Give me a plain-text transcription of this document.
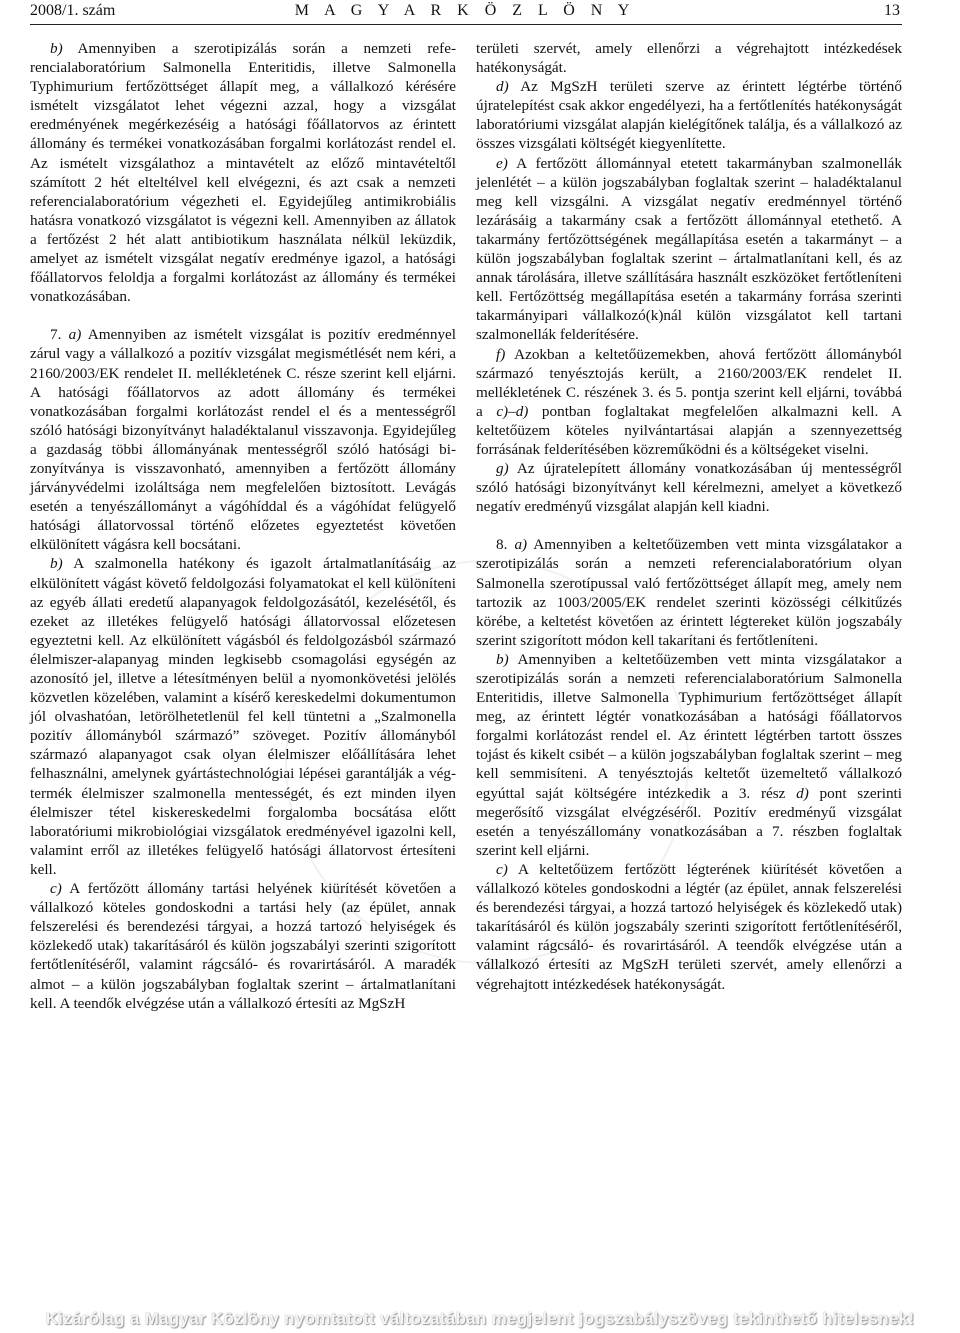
2008/1. szám	M A G Y A R K Ö Z L Ö N Y	13

b) Amennyiben a szerotipizálás során a nemzeti referencialaboratórium Salmonella Enteritidis, illetve Salmonella Typhimurium fertőzöttséget állapít meg, a vállalkozó kérésére ismételt vizsgálatot lehet végezni azzal, hogy a vizsgálat eredményének megérkezéséig a hatósági főállatorvos az érintett állomány és termékei vonatkozásában forgalmi korlátozást rendel el. Az ismételt vizsgálathoz a mintavételt az előző mintavételtől számított 2 hét elteltélvel kell elvégezni, és azt csak a nemzeti referencialaboratórium végezheti el. Egyidejűleg antimikrobiális hatásra vonatkozó vizsgálatot is végezni kell. Amennyiben az állatok a fertőzést 2 hét alatt antibiotikum használata nélkül leküzdik, amelyet az ismételt vizsgálat negatív eredménye igazol, a hatósági főállatorvos feloldja a forgalmi korlátozást az állomány és termékei vonatkozásában.

7. a) Amennyiben az ismételt vizsgálat is pozitív eredménnyel zárul vagy a vállalkozó a pozitív vizsgálat megismétlését nem kéri, a 2160/2003/EK rendelet II. mellékletének C. része szerint kell eljárni. A hatósági főállatorvos az adott állomány és termékei vonatkozásában forgalmi korlátozást rendel el és a mentességről szóló hatósági bizonyítványt haladéktalanul visszavonja. Egyidejűleg a gazdaság többi állományának mentességről szóló hatósági bizonyítványa is visszavonható, amennyiben a fertőzött állomány járványvédelmi izoláltsága nem megfelelően biztosított. Levágás esetén a tenyészállományt a vágóhíddal és a vágóhídat felügyelő hatósági állatorvossal történő előzetes egyeztetést követően elkülönített vágásra kell bocsátani.

b) A szalmonella hatékony és igazolt ártalmatlanításáig az elkülönített vágást követő feldolgozási folyamatokat el kell különíteni az egyéb állati eredetű alapanyagok feldolgozásától, kezelésétől, és ezeket az illetékes felügyelő hatósági állatorvossal előzetesen egyeztetni kell. Az elkülönített vágásból és feldolgozásból származó élelmiszer-alapanyag minden legkisebb csomagolási egységén az azonosító jel, illetve a létesítményen belül a nyomonkövetési jelölés közvetlen közelében, valamint a kísérő kereskedelmi dokumentumon jól olvashatóan, letörölhetetlenül fel kell tüntetni a „Szalmonella pozitív állományból származó” szöveget. Pozitív állományból származó alapanyagot csak olyan élelmiszer előállítására lehet felhasználni, amelynek gyártástechnológiai lépései garantálják a végtermék élelmiszer szalmonella mentességét, és ezt minden ilyen élelmiszer tétel kiskereskedelmi forgalomba bocsátása előtt laboratóriumi mikrobiológiai vizsgálatok eredményével igazolni kell, valamint erről az illetékes felügyelő hatósági állatorvost értesíteni kell.

c) A fertőzött állomány tartási helyének kiürítését követően a vállalkozó köteles gondoskodni a tartási hely (az épület, annak felszerelési és berendezési tárgyai, a hozzá tartozó helyiségek és közlekedő utak) takarításáról és külön jogszabályi szerinti szigorított fertőtlenítéséről, valamint rágcsáló- és rovarirtásáról. A maradék almot – a külön jogszabályban foglaltak szerint – ártalmatlanítani kell. A teendők elvégzése után a vállalkozó értesíti az MgSzH

területi szervét, amely ellenőrzi a végrehajtott intézkedések hatékonyságát.

d) Az MgSzH területi szerve az érintett légtérbe történő újratelepítést csak akkor engedélyezi, ha a fertőtlenítés hatékonyságát laboratóriumi vizsgálat alapján kielégítőnek találja, és a vállalkozó az összes vizsgálati költségét kiegyenlítette.

e) A fertőzött állománnyal etetett takarmányban szalmonellák jelenlétét – a külön jogszabályban foglaltak szerint – haladéktalanul meg kell vizsgálni. A vizsgálat negatív eredménnyel történő lezárásáig a takarmány csak a fertőzött állománnyal etethető. A takarmány fertőzöttségének megállapítása esetén a takarmányt – a külön jogszabályban foglaltak szerint – ártalmatlanítani kell, és az annak tárolására, illetve szállítására használt eszközöket fertőtleníteni kell. Fertőzöttség megállapítása esetén a takarmány forrása szerinti takarmányipari vállalkozó(k)nál külön vizsgálatot kell tartani szalmonellák felderítésére.

f) Azokban a keltetőüzemekben, ahová fertőzött állományból származó tenyésztojás került, a 2160/2003/EK rendelet II. mellékletének C. részének 3. és 5. pontja szerint kell eljárni, továbbá a c)–d) pontban foglaltakat megfelelően alkalmazni kell. A keltetőüzem köteles nyilvántartásai alapján a szennyezettség forrásának felderítésében közreműködni és a költségeket viselni.

g) Az újratelepített állomány vonatkozásában új mentességről szóló hatósági bizonyítványt kell kérelmezni, amelyet a következő negatív eredményű vizsgálat alapján kell kiadni.

8. a) Amennyiben a keltetőüzemben vett minta vizsgálatakor a szerotipizálás során a nemzeti referencialaboratórium olyan Salmonella szerotípussal való fertőzöttséget állapít meg, amely nem tartozik az 1003/2005/EK rendelet szerinti közösségi célkitűzés körébe, a keltetést követően az érintett légtereket külön jogszabály szerint szigorított módon kell takarítani és fertőtleníteni.

b) Amennyiben a keltetőüzemben vett minta vizsgálatakor a szerotipizálás során a nemzeti referencialaboratórium Salmonella Enteritidis, illetve Salmonella Typhimurium fertőzöttséget állapít meg, az érintett légtér vonatkozásában a hatósági főállatorvos forgalmi korlátozást rendel el. Az érintett légtérben tartott összes tojást és kikelt csibét – a külön jogszabályban foglaltak szerint – meg kell semmisíteni. A tenyésztojás keltetőt üzemeltető vállalkozó egyúttal saját költségére intézkedik a 3. rész d) pont szerinti megerősítő vizsgálat elvégzéséről. Pozitív eredményű vizsgálat esetén a tenyészállomány vonatkozásában a 7. részben foglaltak szerint kell eljárni.

c) A keltetőüzem fertőzött légterének kiürítését követően a vállalkozó köteles gondoskodni a légtér (az épület, annak felszerelési és berendezési tárgyai, a hozzá tartozó helyiségek és közlekedő utak) takarításáról és külön jogszabály szerinti szigorított fertőtlenítéséről, valamint rágcsáló- és rovarirtásáról. A teendők elvégzése után a vállalkozó értesíti az MgSzH területi szervét, amely ellenőrzi a végrehajtott intézkedések hatékonyságát.

Kizárólag a Magyar Közlöny nyomtatott változatában megjelent jogszabályszöveg tekinthető hitelesnek!
